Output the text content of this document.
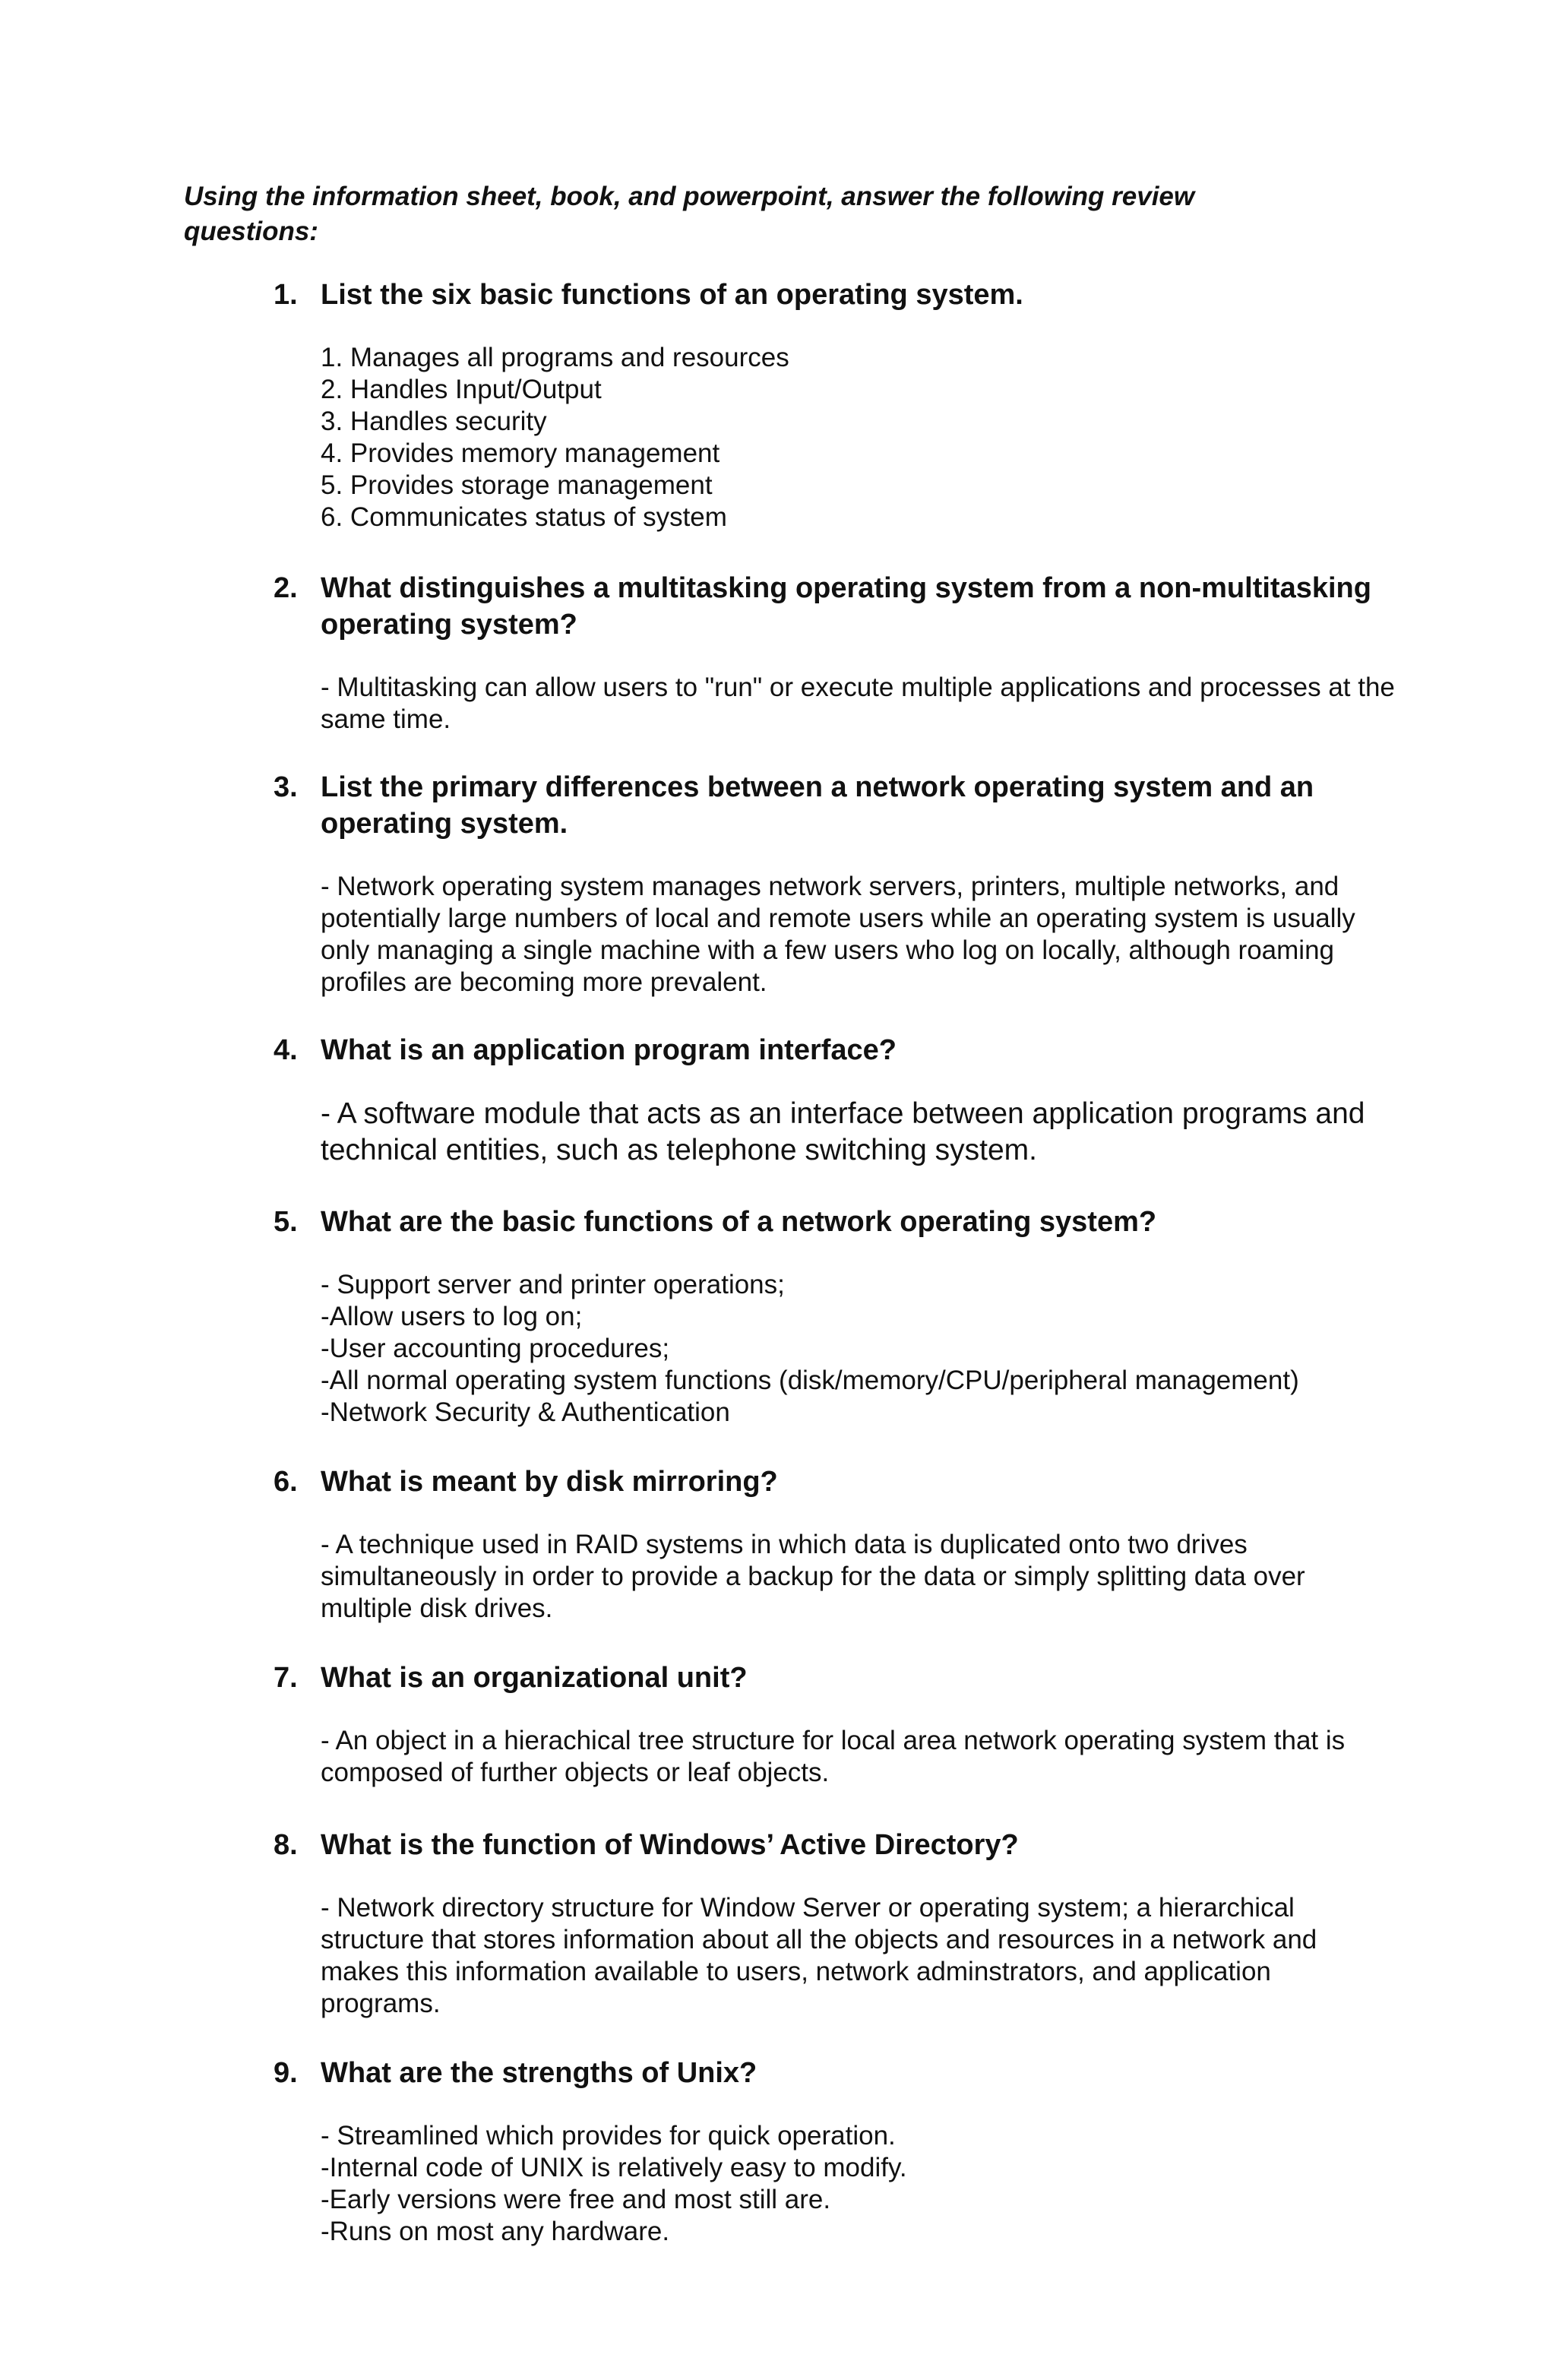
Using the information sheet, book, and powerpoint, answer the following review questions:
1. List the six basic functions of an operating system.
1. Manages all programs and resources
2. Handles Input/Output
3. Handles security
4. Provides memory management
5. Provides storage management
6. Communicates status of system
2. What distinguishes a multitasking operating system from a non-multitasking operating system?
- Multitasking can allow users to "run" or execute multiple applications and processes at the same time.
3. List the primary differences between a network operating system and an operating system.
- Network operating system manages network servers, printers, multiple networks, and potentially large numbers of local and remote users while an operating system is usually only managing a single machine with a few users who log on locally, although roaming profiles are becoming more prevalent.
4. What is an application program interface?
- A software module that acts as an interface between application programs and technical entities, such as telephone switching system.
5. What are the basic functions of a network operating system?
- Support server and printer operations;
-Allow users to log on;
-User accounting procedures;
-All normal operating system functions (disk/memory/CPU/peripheral management)
-Network Security & Authentication
6. What is meant by disk mirroring?
- A technique used in RAID systems in which data is duplicated onto two drives simultaneously in order to provide a backup for the data or simply splitting data over multiple disk drives.
7. What is an organizational unit?
- An object in a hierachical tree structure for local area network operating system that is composed of further objects or leaf objects.
8. What is the function of Windows’ Active Directory?
- Network directory structure for Window Server or operating system; a hierarchical structure that stores information about all the objects and resources in a network and makes this information available to users, network adminstrators, and application programs.
9. What are the strengths of Unix?
- Streamlined which provides for quick operation.
-Internal code of UNIX is relatively easy to modify.
-Early versions were free and most still are.
-Runs on most any hardware.
